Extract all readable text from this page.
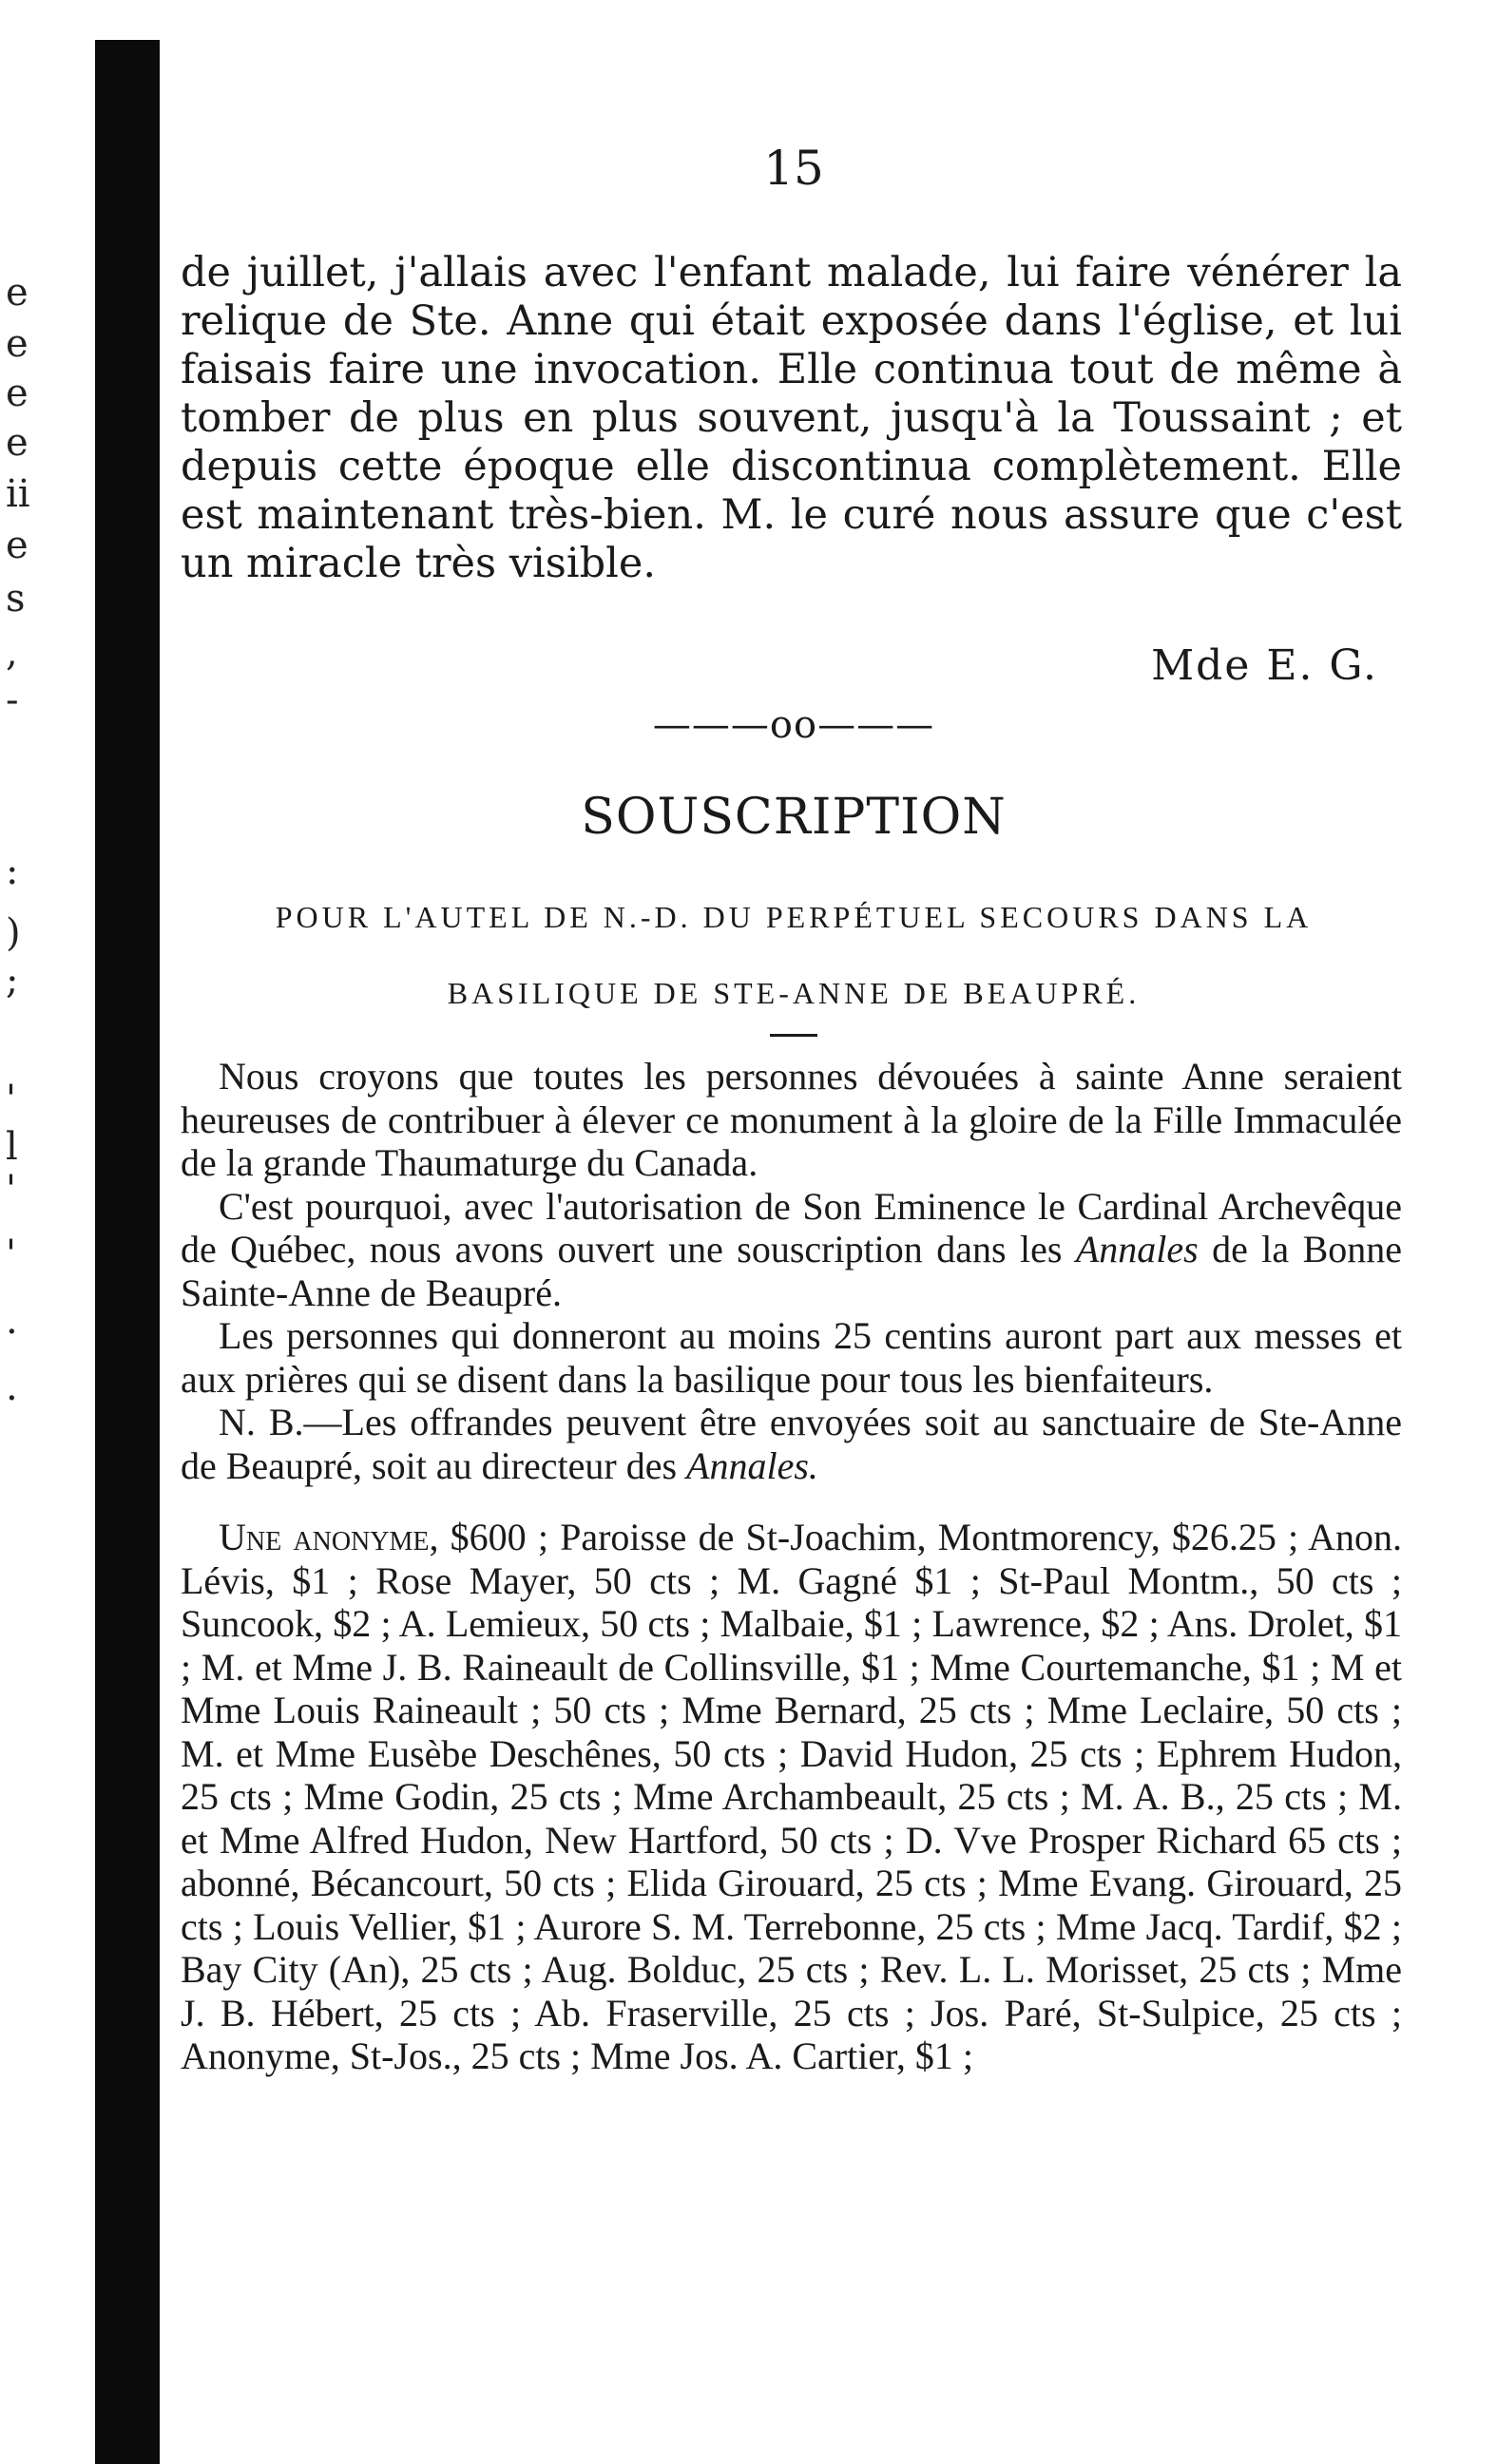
e
e
e
e
ii
e
s
,
-
:
)
;
'
l
'
'
.
.
15

de juillet, j'allais avec l'enfant malade, lui faire vénérer la relique de Ste. Anne qui était exposée dans l'église, et lui faisais faire une invocation. Elle continua tout de même à tomber de plus en plus souvent, jusqu'à la Toussaint ; et depuis cette époque elle discontinua complètement. Elle est maintenant très-bien. M. le curé nous assure que c'est un miracle très visible.

Mde E. G.
———oo———
SOUSCRIPTION
POUR L'AUTEL DE N.-D. DU PERPÉTUEL SECOURS DANS LA BASILIQUE DE STE-ANNE DE BEAUPRÉ.

Nous croyons que toutes les personnes dévouées à sainte Anne seraient heureuses de contribuer à élever ce monument à la gloire de la Fille Immaculée de la grande Thaumaturge du Canada.

C'est pourquoi, avec l'autorisation de Son Eminence le Cardinal Archevêque de Québec, nous avons ouvert une souscription dans les Annales de la Bonne Sainte-Anne de Beaupré.

Les personnes qui donneront au moins 25 centins auront part aux messes et aux prières qui se disent dans la basilique pour tous les bienfaiteurs.

N. B.—Les offrandes peuvent être envoyées soit au sanctuaire de Ste-Anne de Beaupré, soit au directeur des Annales.

Une anonyme, $600 ; Paroisse de St-Joachim, Montmorency, $26.25 ; Anon. Lévis, $1 ; Rose Mayer, 50 cts ; M. Gagné $1 ; St-Paul Montm., 50 cts ; Suncook, $2 ; A. Lemieux, 50 cts ; Malbaie, $1 ; Lawrence, $2 ; Ans. Drolet, $1 ; M. et Mme J. B. Raineault de Collinsville, $1 ; Mme Courtemanche, $1 ; M et Mme Louis Raineault ; 50 cts ; Mme Bernard, 25 cts ; Mme Leclaire, 50 cts ; M. et Mme Eusèbe Deschênes, 50 cts ; David Hudon, 25 cts ; Ephrem Hudon, 25 cts ; Mme Godin, 25 cts ; Mme Archambeault, 25 cts ; M. A. B., 25 cts ; M. et Mme Alfred Hudon, New Hartford, 50 cts ; D. Vve Prosper Richard 65 cts ; abonné, Bécancourt, 50 cts ; Elida Girouard, 25 cts ; Mme Evang. Girouard, 25 cts ; Louis Vellier, $1 ; Aurore S. M. Terrebonne, 25 cts ; Mme Jacq. Tardif, $2 ; Bay City (An), 25 cts ; Aug. Bolduc, 25 cts ; Rev. L. L. Morisset, 25 cts ; Mme J. B. Hébert, 25 cts ; Ab. Fraserville, 25 cts ; Jos. Paré, St-Sulpice, 25 cts ; Anonyme, St-Jos., 25 cts ; Mme Jos. A. Cartier, $1 ;
